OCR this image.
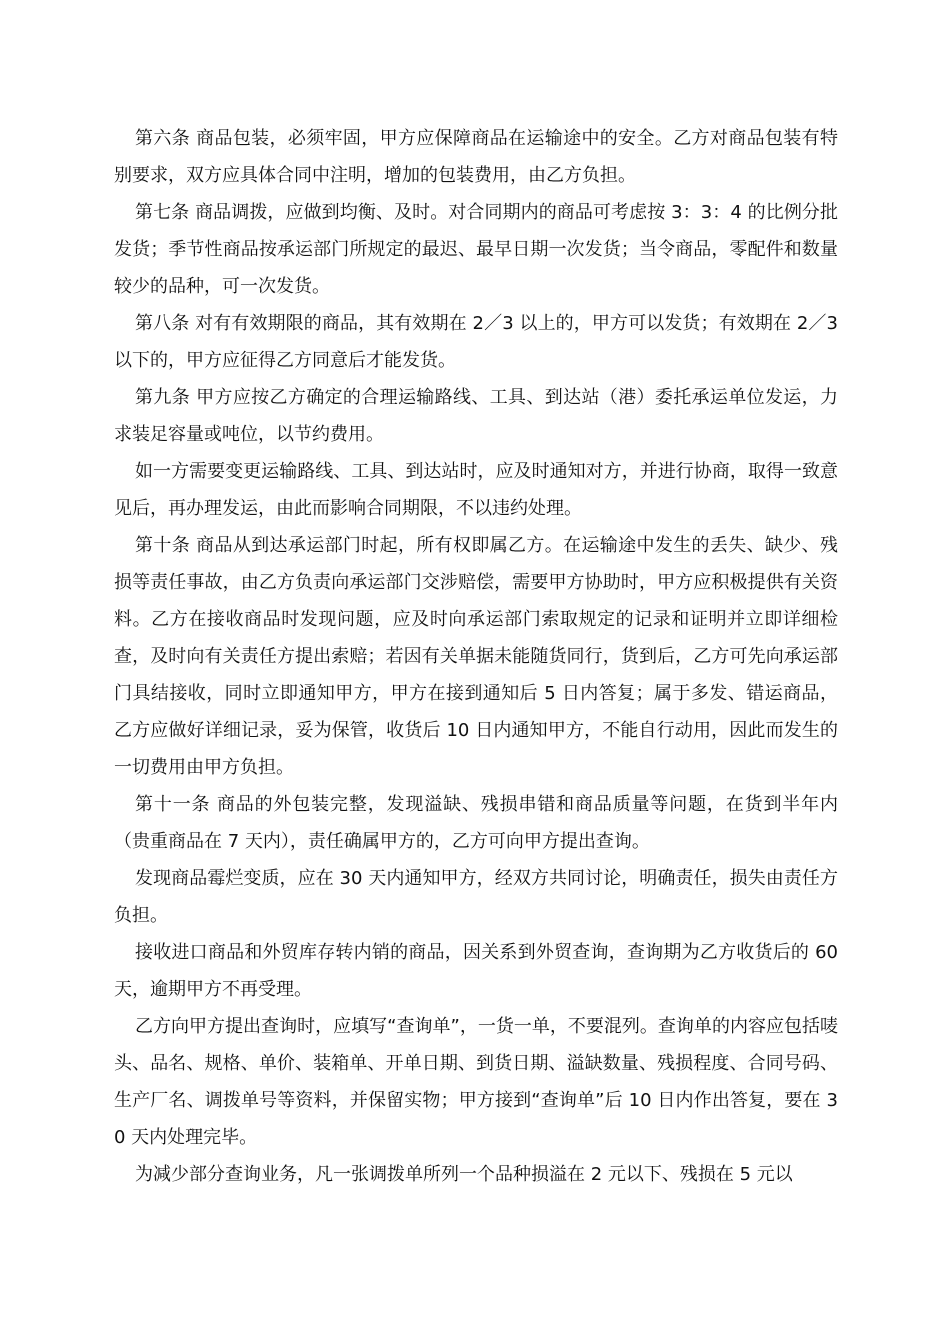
第六条 商品包装，必须牢固，甲方应保障商品在运输途中的安全。乙方对商品包装有特别要求，双方应具体合同中注明，增加的包装费用，由乙方负担。

第七条 商品调拨，应做到均衡、及时。对合同期内的商品可考虑按 3：3：4 的比例分批发货；季节性商品按承运部门所规定的最迟、最早日期一次发货；当令商品，零配件和数量较少的品种，可一次发货。

第八条 对有有效期限的商品，其有效期在 2／3 以上的，甲方可以发货；有效期在 2／3 以下的，甲方应征得乙方同意后才能发货。

第九条 甲方应按乙方确定的合理运输路线、工具、到达站（港）委托承运单位发运，力求装足容量或吨位，以节约费用。

如一方需要变更运输路线、工具、到达站时，应及时通知对方，并进行协商，取得一致意见后，再办理发运，由此而影响合同期限，不以违约处理。

第十条 商品从到达承运部门时起，所有权即属乙方。在运输途中发生的丢失、缺少、残损等责任事故，由乙方负责向承运部门交涉赔偿，需要甲方协助时，甲方应积极提供有关资料。乙方在接收商品时发现问题，应及时向承运部门索取规定的记录和证明并立即详细检查，及时向有关责任方提出索赔；若因有关单据未能随货同行，货到后，乙方可先向承运部门具结接收，同时立即通知甲方，甲方在接到通知后 5 日内答复；属于多发、错运商品，乙方应做好详细记录，妥为保管，收货后 10 日内通知甲方，不能自行动用，因此而发生的一切费用由甲方负担。

第十一条 商品的外包装完整，发现溢缺、残损串错和商品质量等问题，在货到半年内（贵重商品在 7 天内），责任确属甲方的，乙方可向甲方提出查询。

发现商品霉烂变质，应在 30 天内通知甲方，经双方共同讨论，明确责任，损失由责任方负担。

接收进口商品和外贸库存转内销的商品，因关系到外贸查询，查询期为乙方收货后的 60 天，逾期甲方不再受理。

乙方向甲方提出查询时，应填写“查询单”，一货一单，不要混列。查询单的内容应包括唛头、品名、规格、单价、装箱单、开单日期、到货日期、溢缺数量、残损程度、合同号码、生产厂名、调拨单号等资料，并保留实物；甲方接到“查询单”后 10 日内作出答复，要在 30 天内处理完毕。

为减少部分查询业务，凡一张调拨单所列一个品种损溢在 2 元以下、残损在 5 元以
